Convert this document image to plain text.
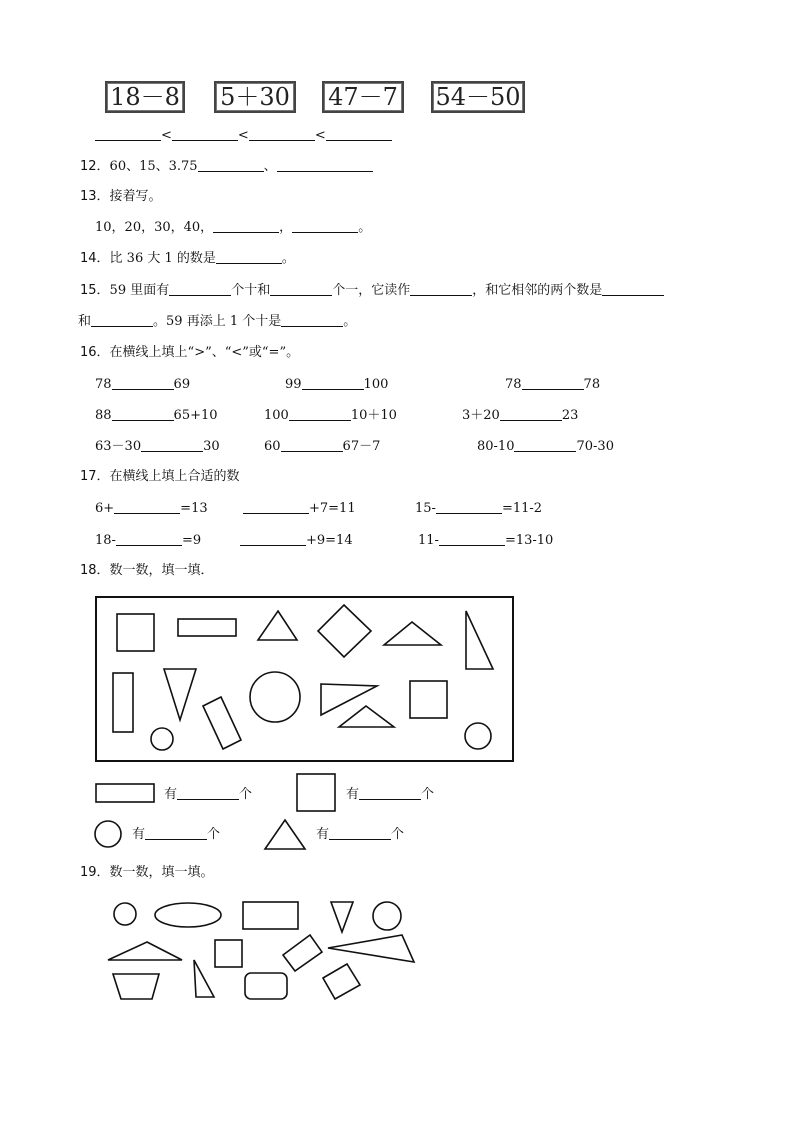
18－8 5＋30 47－7 54－50
<	<	<
12．60、15、3.75	、
13．接着写。
10，20，30，40，	，	。
14．比 36 大 1 的数是	。
15．59 里面有	个十和	个一，它读作	，和它相邻的两个数是
和	。59 再添上 1 个十是	。
16．在横线上填上“>”、“<”或“=”。
78	69	99	100	78	78
88	65+10	100	10＋10	3＋20	23
63－30	30	60	67－7	80-10	70-30
17．在横线上填上合适的数
6+	=13	+7=11	15-	=11-2
18-	=9	+9=14	11-	=13-10
18．数一数，填一填．
有	个	有	个
有	个	有	个
19．数一数，填一填。
